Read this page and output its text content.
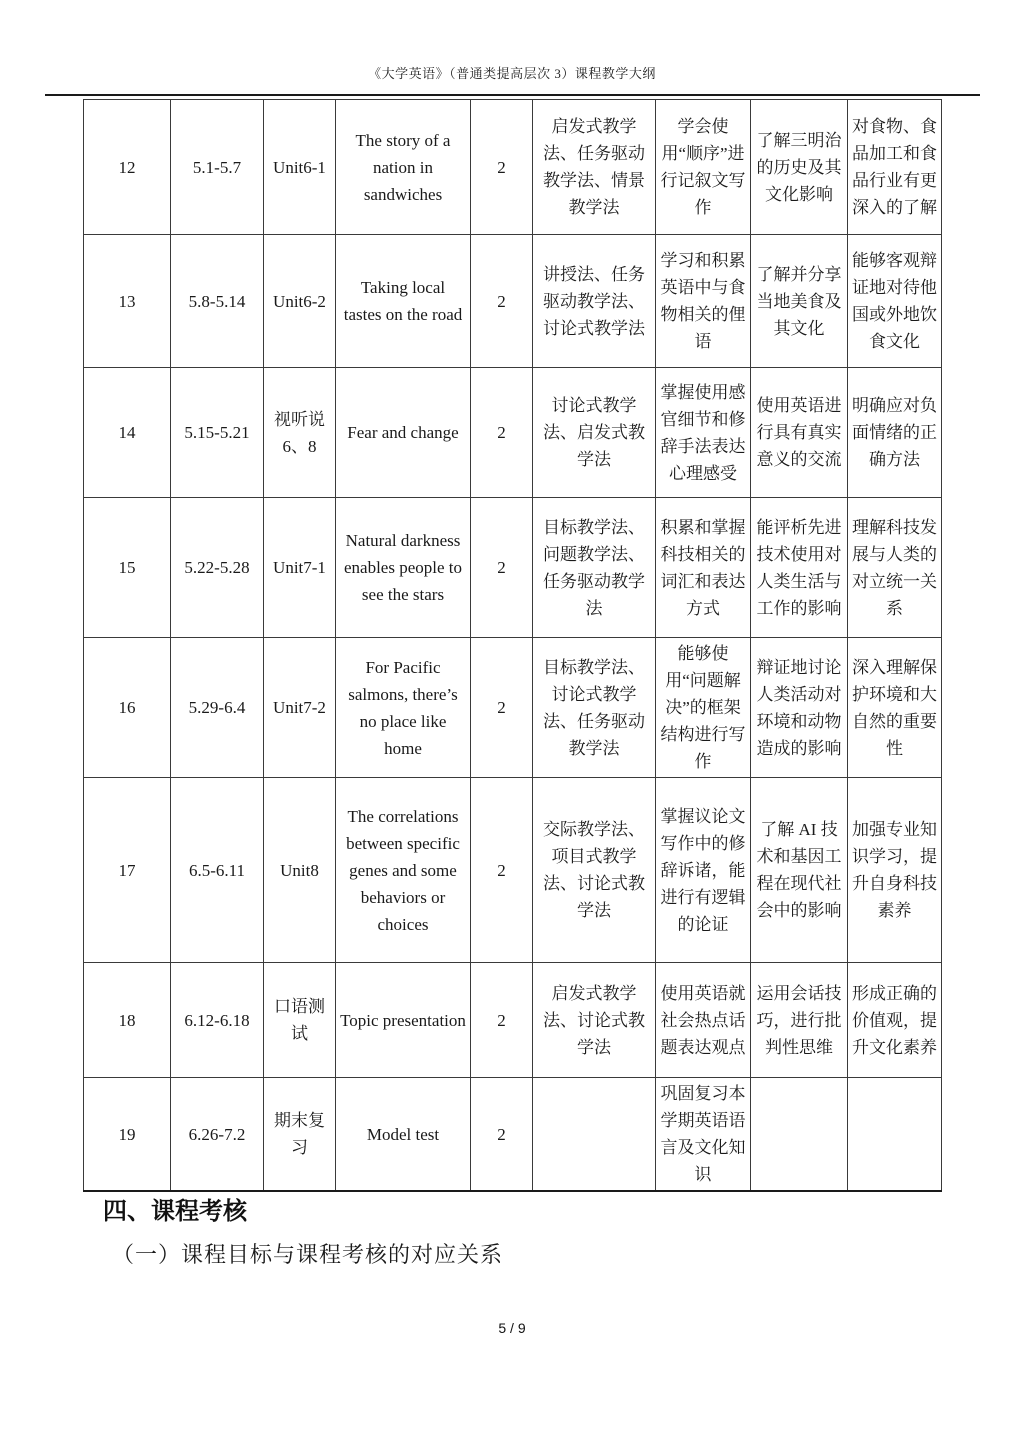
《大学英语》（普通类提高层次 3）课程教学大纲
12	5.1-5.7	Unit6-1	The story of a nation in sandwiches	2	启发式教学法、任务驱动教学法、情景教学法	学会使用“顺序”进行记叙文写作	了解三明治的历史及其文化影响	对食物、食品加工和食品行业有更深入的了解
13	5.8-5.14	Unit6-2	Taking local tastes on the road	2	讲授法、任务驱动教学法、讨论式教学法	学习和积累英语中与食物相关的俚语	了解并分享当地美食及其文化	能够客观辩证地对待他国或外地饮食文化
14	5.15-5.21	视听说 6、8	Fear and change	2	讨论式教学法、启发式教学法	掌握使用感官细节和修辞手法表达心理感受	使用英语进行具有真实意义的交流	明确应对负面情绪的正确方法
15	5.22-5.28	Unit7-1	Natural darkness enables people to see the stars	2	目标教学法、问题教学法、任务驱动教学法	积累和掌握科技相关的词汇和表达方式	能评析先进技术使用对人类生活与工作的影响	理解科技发展与人类的对立统一关系
16	5.29-6.4	Unit7-2	For Pacific salmons, there’s no place like home	2	目标教学法、讨论式教学法、任务驱动教学法	能够使用“问题解决”的框架结构进行写作	辩证地讨论人类活动对环境和动物造成的影响	深入理解保护环境和大自然的重要性
17	6.5-6.11	Unit8	The correlations between specific genes and some behaviors or choices	2	交际教学法、项目式教学法、讨论式教学法	掌握议论文写作中的修辞诉诸，能进行有逻辑的论证	了解 AI 技术和基因工程在现代社会中的影响	加强专业知识学习，提升自身科技素养
18	6.12-6.18	口语测试	Topic presentation	2	启发式教学法、讨论式教学法	使用英语就社会热点话题表达观点	运用会话技巧，进行批判性思维	形成正确的价值观，提升文化素养
19	6.26-7.2	期末复习	Model test	2		巩固复习本学期英语语言及文化知识		
四、课程考核
（一）课程目标与课程考核的对应关系
5 / 9
